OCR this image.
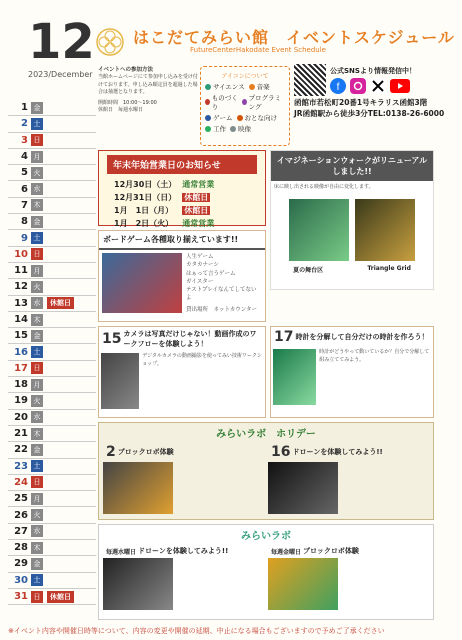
12
2023/December
はこだてみらい館　イベントスケジュール
FutureCenterHakodate Event Schedule
イベントへの参加方法
当館ホームページにて参加申し込みを受け付けております。申し込み順定員を超過した場合は抽選となります。
開館時間　10:00～19:00
休館日　毎週水曜日
アイコンについて
サイエンス 音楽
ものづくり
プログラミング
ゲーム おとな向け
工作 映像
公式SNSより情報発信中！
f
函館市若松町20番1号キラリス函館3階
JR函館駅から徒歩3分TEL:0138-26-6000
1 金
2 土
3 日
4 月
5 火
6 水
7 木
8 金
9 土
10 日
11 月
12 火
13 水	休館日
14 木
15 金
16 土
17 日
18 月
19 火
20 水
21 木
22 金
23 土
24 日
25 月
26 火
27 水
28 木
29 金
30 土
31 日	休館日
年末年始営業日のお知らせ
12月30日（土）	通常営業
12月31日（日）	休館日
1月　1日（月）	休館日
1月　2日（火）	通常営業
イマジネーションウォークがリニューアルしました!!
床に映し出される映像が自由に変化します。
夏の舞台区	Triangle Grid
ボードゲーム各種取り揃えています!!
人生ゲーム
カタカナーシ
はぁって言うゲーム
ガイスター
テストプレイなんてしてないよ
貸出場所　ネットカウンター
15 カメラは写真だけじゃない！動画作成のワークフローを体験しよう！
デジタルカメラの動画撮影を使ってみい技術ワークショップ。
17 時計を分解して自分だけの時計を作ろう！
時計がどうやって動いているか？自分で分解して組み立ててみよう。
みらいラボ　ホリデー
2 ブロックロボ体験	16 ドローンを体験してみよう!!
みらいラボ
毎週水曜日 ドローンを体験してみよう!!	毎週金曜日 ブロックロボ体験
※イベント内容や開催日時等について、内容の変更や開催の延期、中止になる場合もございますので予めご了承ください
